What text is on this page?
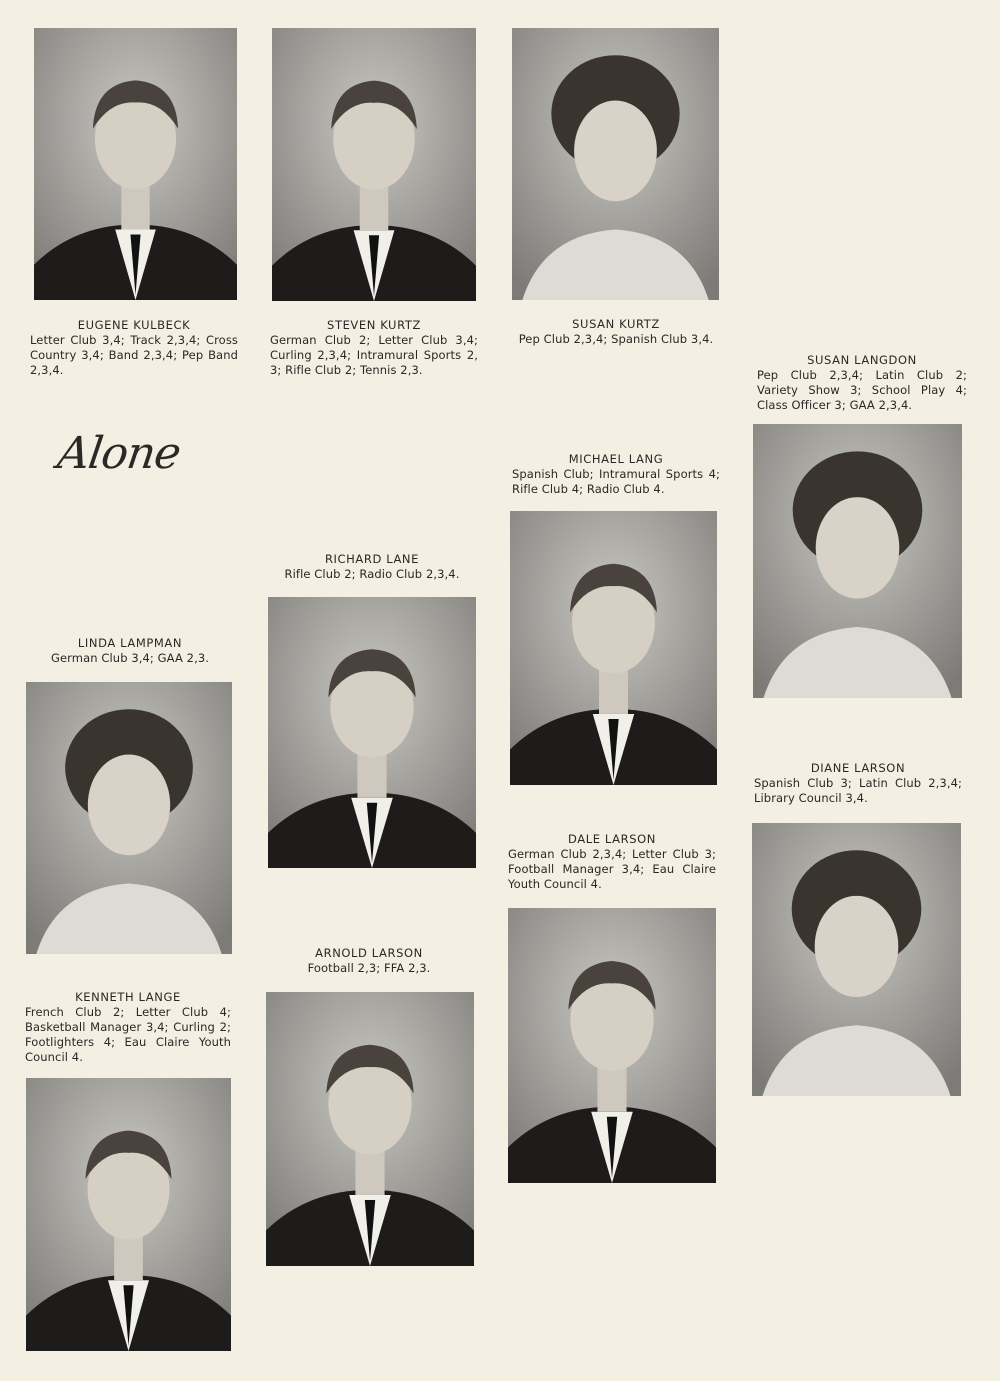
Alone
EUGENE KULBECK
Letter Club 3,4; Track 2,3,4; Cross Country 3,4; Band 2,3,4; Pep Band 2,3,4.
STEVEN KURTZ
German Club 2; Letter Club 3,4; Curling 2,3,4; Intramural Sports 2, 3; Rifle Club 2; Tennis 2,3.
SUSAN KURTZ
Pep Club 2,3,4; Spanish Club 3,4.
SUSAN LANGDON
Pep Club 2,3,4; Latin Club 2; Variety Show 3; School Play 4; Class Officer 3; GAA 2,3,4.
MICHAEL LANG
Spanish Club; Intramural Sports 4; Rifle Club 4; Radio Club 4.
RICHARD LANE
Rifle Club 2; Radio Club 2,3,4.
LINDA LAMPMAN
German Club 3,4; GAA 2,3.
DIANE LARSON
Spanish Club 3; Latin Club 2,3,4; Library Council 3,4.
DALE LARSON
German Club 2,3,4; Letter Club 3; Football Manager 3,4; Eau Claire Youth Council 4.
ARNOLD LARSON
Football 2,3; FFA 2,3.
KENNETH LANGE
French Club 2; Letter Club 4; Basketball Manager 3,4; Curling 2; Footlighters 4; Eau Claire Youth Council 4.
